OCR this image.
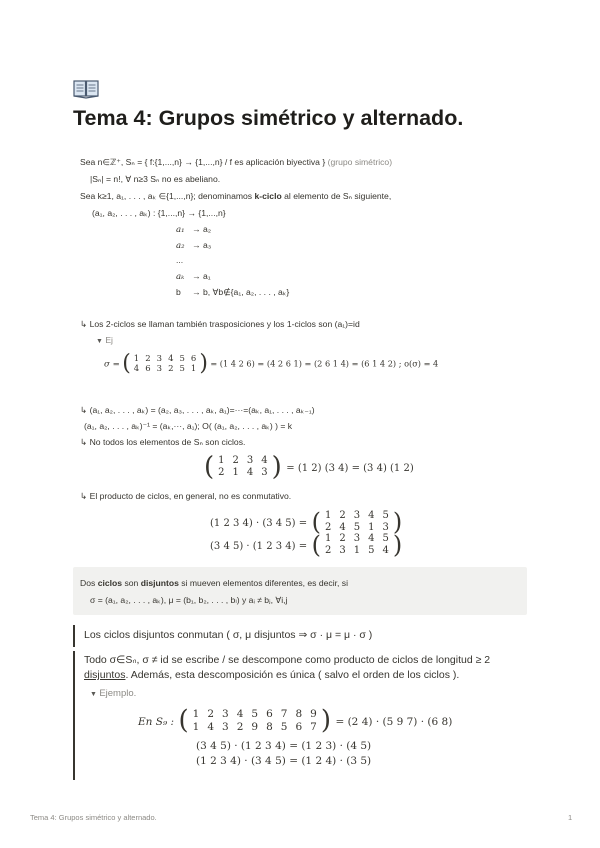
Tema 4: Grupos simétrico y alternado.
Sea n∈ℤ⁺, Sₙ = { f:{1,...,n} → {1,...,n} / f es aplicación biyectiva } (grupo simétrico)
|Sₙ| = n!, ∀ n≥3 Sₙ no es abeliano.
Sea k≥1, a₁, . . . , aₖ ∈{1,...,n}; denominamos k-ciclo al elemento de Sₙ siguiente,
(a₁, a₂, . . . , aₖ) : {1,...,n} → {1,...,n}
a₁ → a₂
a₂ → a₃
...
aₖ → a₁
b → b, ∀b∉{a₁, a₂, . . . , aₖ}
↳ Los 2-ciclos se llaman también trasposiciones y los 1-ciclos son (a₁)=id
▼ Ej
σ = ( 1	2	3	4	5	6
4	6	3	2	5	1 ) = (1 4 2 6) = (4 2 6 1) = (2 6 1 4) = (6 1 4 2) ; o(σ) = 4
↳ (a₁, a₂, . . . , aₖ) = (a₂, a₃, . . . , aₖ, a₁)=···=(aₖ, a₁, . . . , aₖ₋₁)
(a₁, a₂, . . . , aₖ)⁻¹ = (aₖ,···, a₁); O( (a₁, a₂, . . . , aₖ) ) = k
↳ No todos los elementos de Sₙ son ciclos.
( 1	2	3	4
2	1	4	3 ) = (1 2) (3 4) = (3 4) (1 2)
↳ El producto de ciclos, en general, no es conmutativo.
(1 2 3 4) · (3 4 5) = ( 1	2	3	4	5
2	4	5	1	3 )
(3 4 5) · (1 2 3 4) = ( 1	2	3	4	5
2	3	1	5	4 )
Dos ciclos son disjuntos si mueven elementos diferentes, es decir, si
σ = (a₁, a₂, . . . , aₖ), μ = (b₁, b₂, . . . , bₗ) y aᵢ ≠ bⱼ, ∀i,j
Los ciclos disjuntos conmutan ( σ, μ disjuntos ⇒ σ · μ = μ · σ )
Todo σ∈Sₙ, σ ≠ id se escribe / se descompone como producto de ciclos de longitud ≥ 2
disjuntos. Además, esta descomposición es única ( salvo el orden de los ciclos ).
▼ Ejemplo.
En S₉ : ( 1	2	3	4	5	6	7	8	9
1	4	3	2	9	8	5	6	7 ) = (2 4) · (5 9 7) · (6 8)
(3 4 5) · (1 2 3 4) = (1 2 3) · (4 5)
(1 2 3 4) · (3 4 5) = (1 2 4) · (3 5)
Tema 4: Grupos simétrico y alternado.	1
